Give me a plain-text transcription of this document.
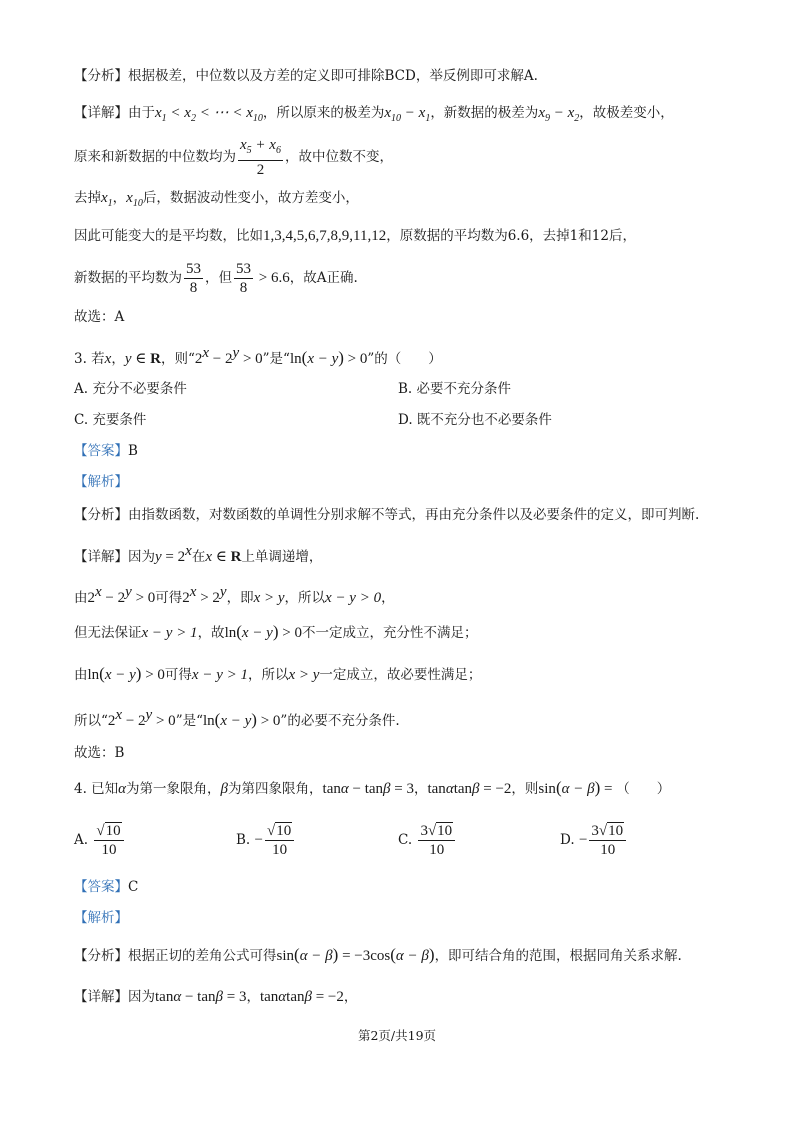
【分析】根据极差，中位数以及方差的定义即可排除BCD，举反例即可求解A.
【详解】由于$x_1 < x_2$ < ⋯ < $x_{10}$，所以原来的极差为$x_{10} - x_1$，新数据的极差为$x_9 - x_2$，故极差变小，
原来和新数据的中位数均为 $\frac{x_5 + x_6}{2}$ ，故中位数不变，
去掉$x_1$，$x_{10}$后，数据波动性变小，故方差变小，
因此可能变大的是平均数，比如1,3,4,5,6,7,8,9,11,12，原数据的平均数为6.6，去掉1和12后，
新数据的平均数为 $\frac{53}{8}$ ，但 $\frac{53}{8} > 6.6$，故A正确.
故选：A
3. 若x，y ∈ R，则“$2^x - 2^y > 0$”是“ln(x − y) > 0”的（　　）
A. 充分不必要条件	B. 必要不充分条件
C. 充要条件	D. 既不充分也不必要条件
【答案】B
【解析】
【分析】由指数函数，对数函数的单调性分别求解不等式，再由充分条件以及必要条件的定义，即可判断.
【详解】因为$y = 2^x$在x ∈ R上单调递增，
由$2^x - 2^y > 0$可得$2^x > 2^y$，即x > y，所以x − y > 0，
但无法保证x − y > 1，故ln(x − y) > 0不一定成立，充分性不满足；
由ln(x − y) > 0可得x − y > 1，所以x > y一定成立，故必要性满足；
所以“$2^x - 2^y > 0$”是“ln(x − y) > 0”的必要不充分条件.
故选：B
4. 已知α为第一象限角，β为第四象限角，tanα − tanβ = 3，tanαtanβ = −2，则sin(α − β) = （　　）
A. $\frac{√10}{10}$	B. − $\frac{√10}{10}$	C. $\frac{3√10}{10}$	D. − $\frac{3√10}{10}$
【答案】C
【解析】
【分析】根据正切的差角公式可得sin(α − β) = −3cos(α − β)，即可结合角的范围，根据同角关系求解.
【详解】因为tanα − tanβ = 3，tanαtanβ = −2，
第2页/共19页
